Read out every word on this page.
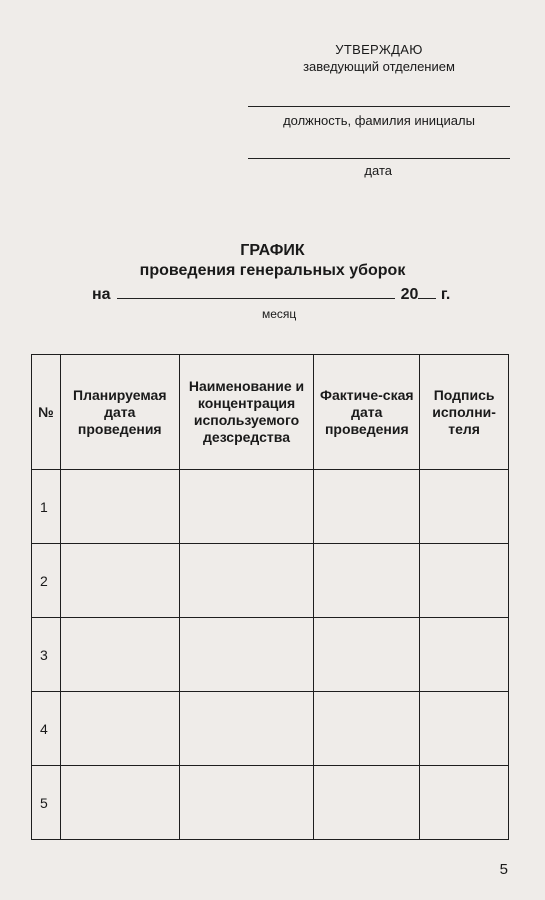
УТВЕРЖДАЮ
заведующий отделением
должность, фамилия инициалы
дата
ГРАФИК
проведения генеральных уборок
на	20 г.
месяц
№	Планируемая дата проведения	Наименование и концентрация используемого дезсредства	Фактиче-ская дата проведения	Подпись исполни-теля
1				
2				
3				
4				
5				
5
